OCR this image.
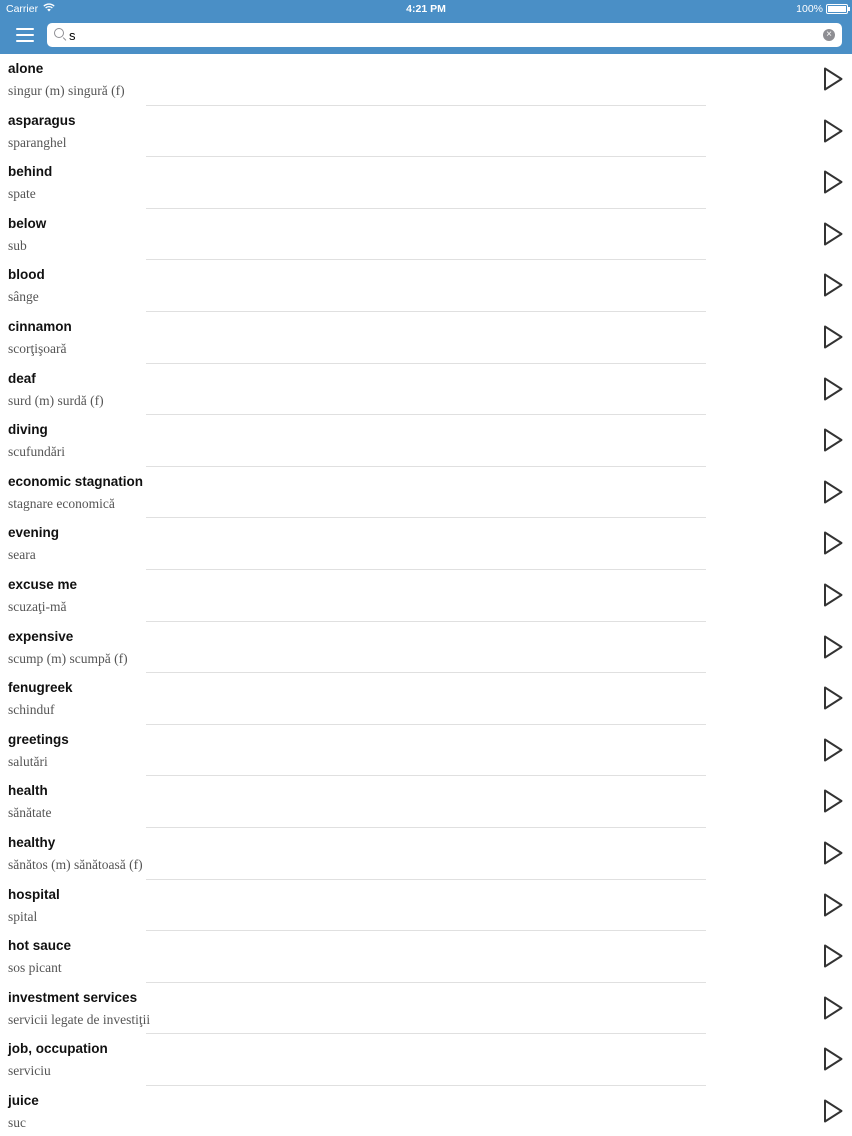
Carrier	4:21 PM	100%
s
×
alone
singur (m) singură (f)
asparagus
sparanghel
behind
spate
below
sub
blood
sânge
cinnamon
scorţişoară
deaf
surd (m) surdă (f)
diving
scufundări
economic stagnation
stagnare economică
evening
seara
excuse me
scuzaţi-mă
expensive
scump (m) scumpă (f)
fenugreek
schinduf
greetings
salutări
health
sănătate
healthy
sănătos (m) sănătoasă (f)
hospital
spital
hot sauce
sos picant
investment services
servicii legate de investiţii
job, occupation
serviciu
juice
suc
